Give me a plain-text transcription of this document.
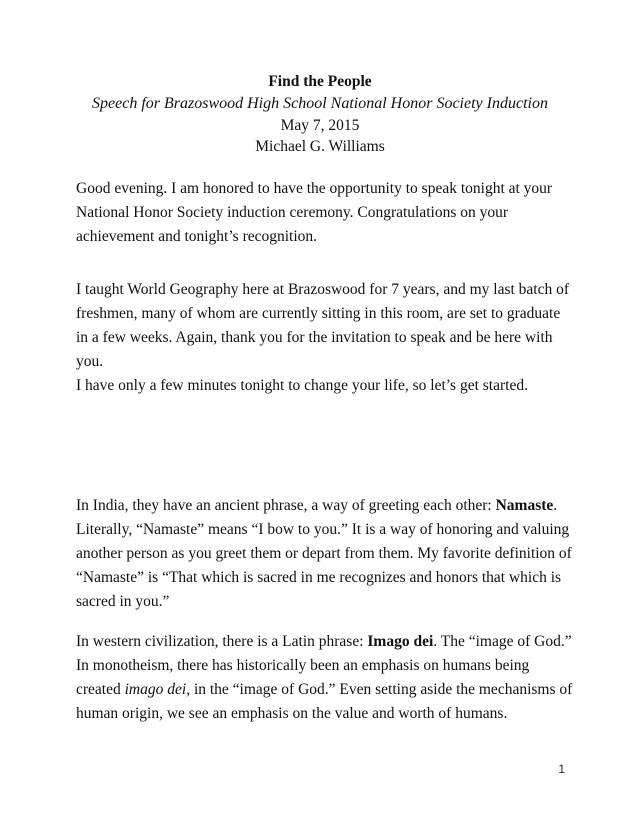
Find the People
Speech for Brazoswood High School National Honor Society Induction
May 7, 2015
Michael G. Williams

Good evening. I am honored to have the opportunity to speak tonight at your National Honor Society induction ceremony. Congratulations on your achievement and tonight’s recognition.

I taught World Geography here at Brazoswood for 7 years, and my last batch of freshmen, many of whom are currently sitting in this room, are set to graduate in a few weeks. Again, thank you for the invitation to speak and be here with you.

I have only a few minutes tonight to change your life, so let’s get started.

In India, they have an ancient phrase, a way of greeting each other: Namaste. Literally, “Namaste” means “I bow to you.” It is a way of honoring and valuing another person as you greet them or depart from them. My favorite definition of “Namaste” is “That which is sacred in me recognizes and honors that which is sacred in you.”

In western civilization, there is a Latin phrase: Imago dei. The “image of God.” In monotheism, there has historically been an emphasis on humans being created imago dei, in the “image of God.” Even setting aside the mechanisms of human origin, we see an emphasis on the value and worth of humans.

1
